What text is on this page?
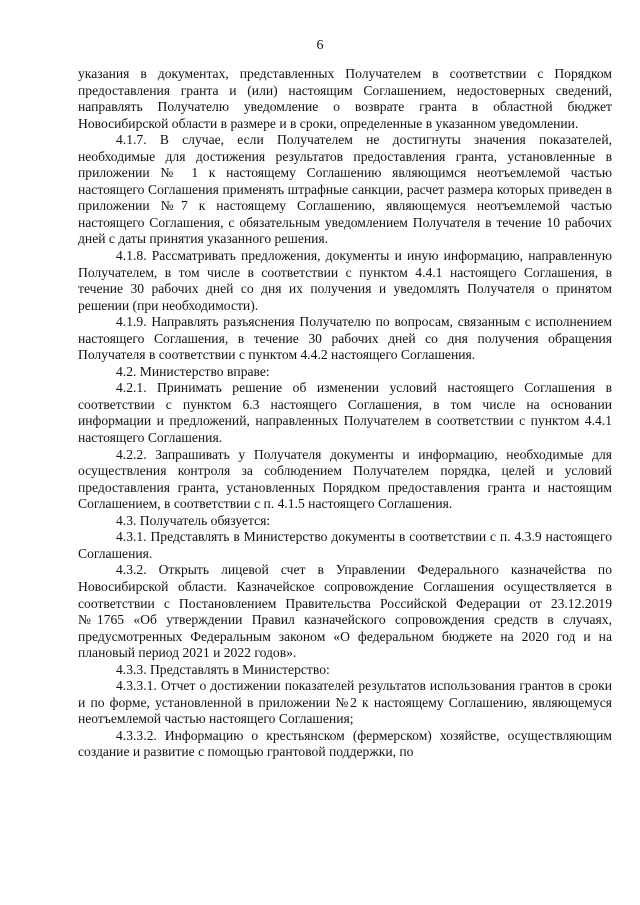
6

указания в документах, представленных Получателем в соответствии с Порядком предоставления гранта и (или) настоящим Соглашением, недостоверных сведений, направлять Получателю уведомление о возврате гранта в областной бюджет Новосибирской области в размере и в сроки, определенные в указанном уведомлении.

4.1.7. В случае, если Получателем не достигнуты значения показателей, необходимые для достижения результатов предоставления гранта, установленные в приложении № 1 к настоящему Соглашению являющимся неотъемлемой частью настоящего Соглашения применять штрафные санкции, расчет размера которых приведен в приложении №7 к настоящему Соглашению, являющемуся неотъемлемой частью настоящего Соглашения, с обязательным уведомлением Получателя в течение 10 рабочих дней с даты принятия указанного решения.

4.1.8. Рассматривать предложения, документы и иную информацию, направленную Получателем, в том числе в соответствии с пунктом 4.4.1 настоящего Соглашения, в течение 30 рабочих дней со дня их получения и уведомлять Получателя о принятом решении (при необходимости).

4.1.9. Направлять разъяснения Получателю по вопросам, связанным с исполнением настоящего Соглашения, в течение 30 рабочих дней со дня получения обращения Получателя в соответствии с пунктом 4.4.2 настоящего Соглашения.

4.2. Министерство вправе:

4.2.1. Принимать решение об изменении условий настоящего Соглашения в соответствии с пунктом 6.3 настоящего Соглашения, в том числе на основании информации и предложений, направленных Получателем в соответствии с пунктом 4.4.1 настоящего Соглашения.

4.2.2. Запрашивать у Получателя документы и информацию, необходимые для осуществления контроля за соблюдением Получателем порядка, целей и условий предоставления гранта, установленных Порядком предоставления гранта и настоящим Соглашением, в соответствии с п. 4.1.5 настоящего Соглашения.

4.3. Получатель обязуется:

4.3.1. Представлять в Министерство документы в соответствии с п. 4.3.9 настоящего Соглашения.

4.3.2. Открыть лицевой счет в Управлении Федерального казначейства по Новосибирской области. Казначейское сопровождение Соглашения осуществляется в соответствии с Постановлением Правительства Российской Федерации от 23.12.2019 №1765 «Об утверждении Правил казначейского сопровождения средств в случаях, предусмотренных Федеральным законом «О федеральном бюджете на 2020 год и на плановый период 2021 и 2022 годов».

4.3.3. Представлять в Министерство:

4.3.3.1. Отчет о достижении показателей результатов использования грантов в сроки и по форме, установленной в приложении №2 к настоящему Соглашению, являющемуся неотъемлемой частью настоящего Соглашения;

4.3.3.2. Информацию о крестьянском (фермерском) хозяйстве, осуществляющим создание и развитие с помощью грантовой поддержки, по
